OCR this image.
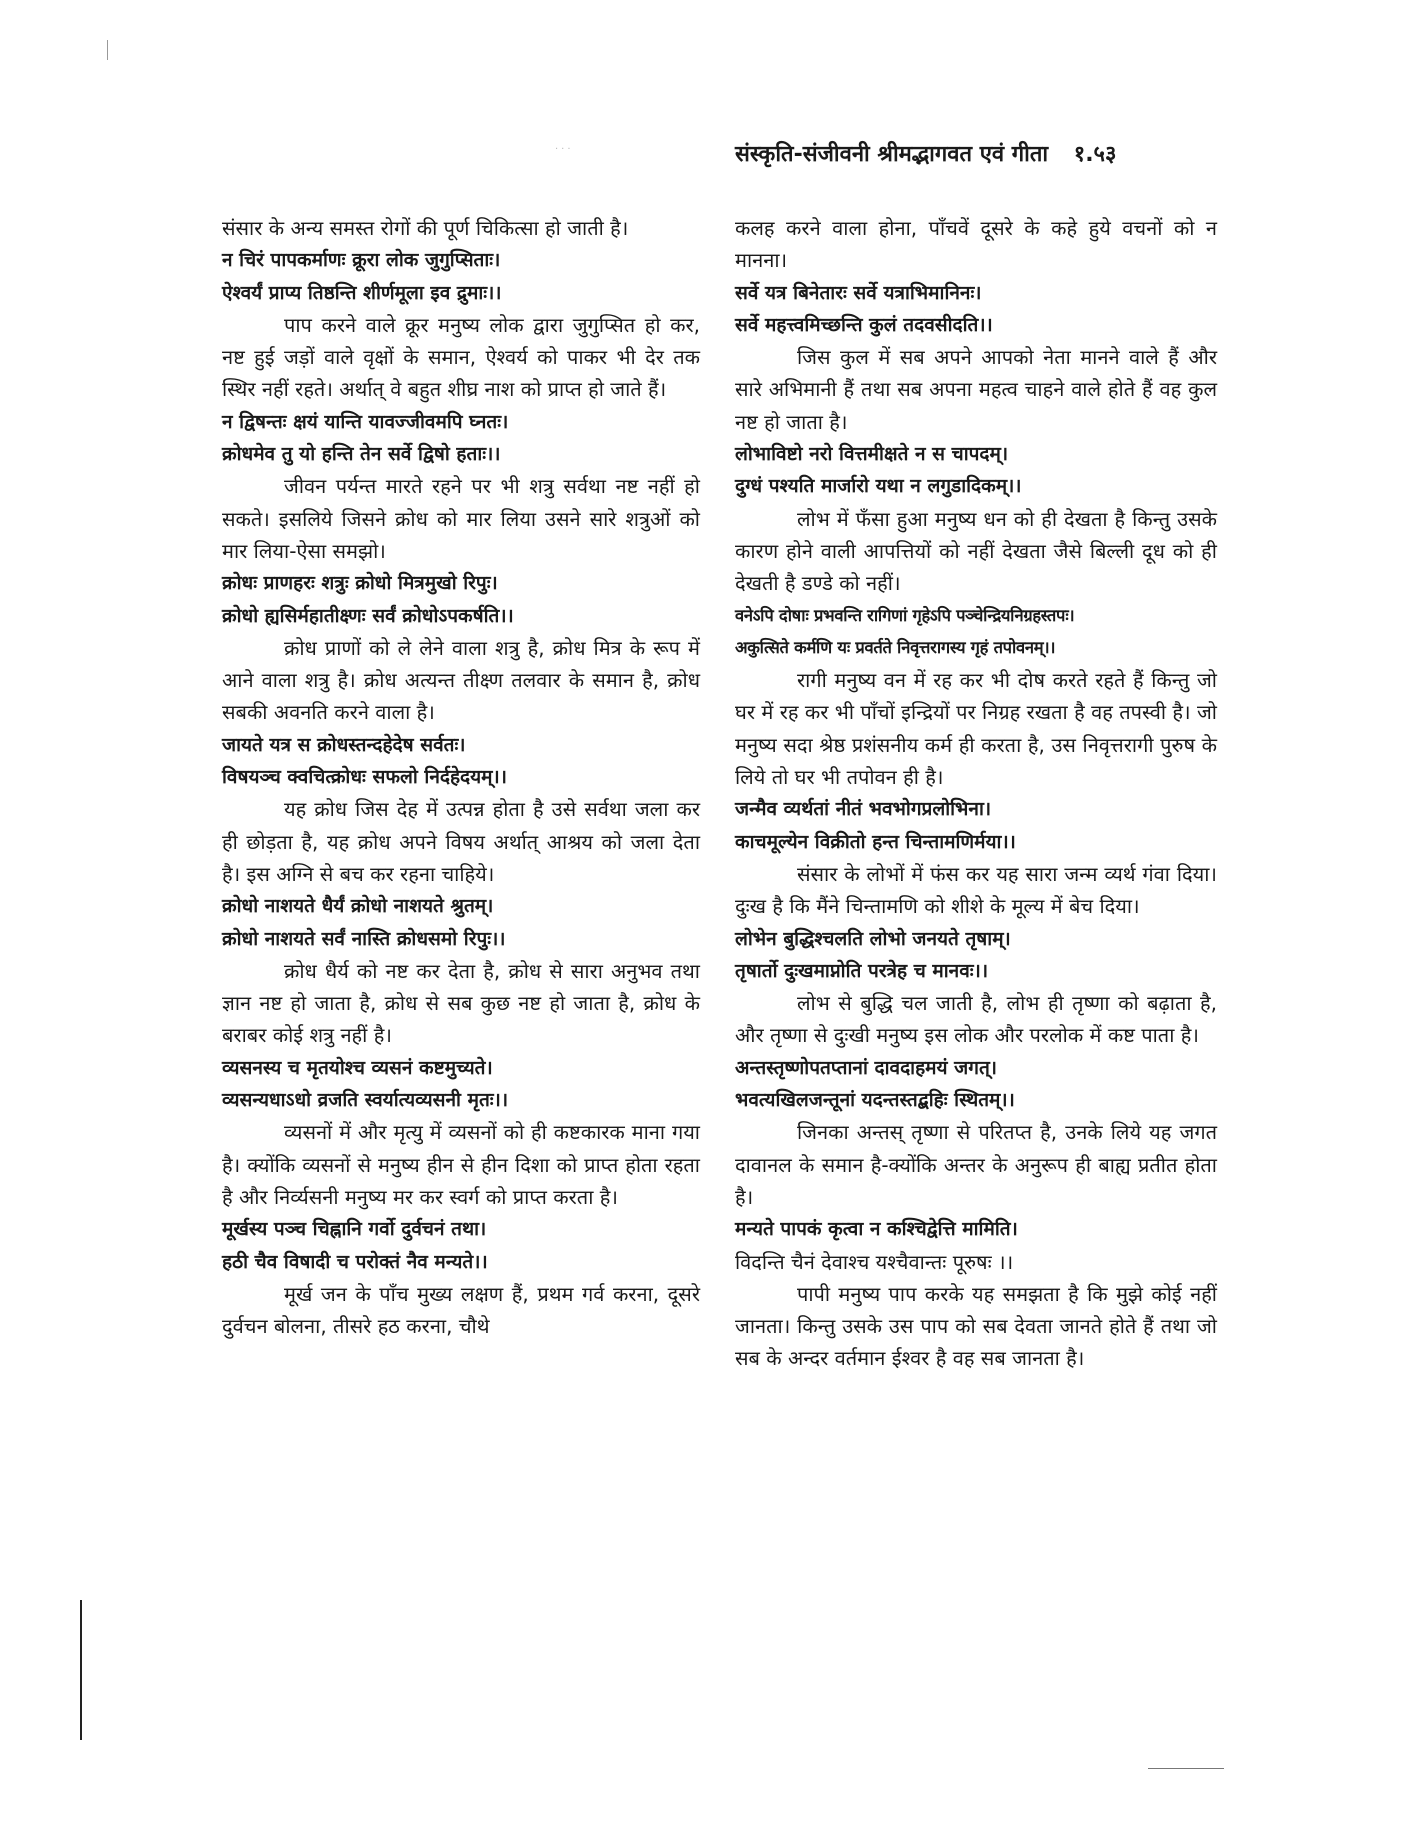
···	संस्कृति-संजीवनी श्रीमद्भागवत एवं गीता १.५३

संसार के अन्य समस्त रोगों की पूर्ण चिकित्सा हो जाती है।

न चिरं पापकर्माणः क्रूरा लोक जुगुप्सिताः।

ऐश्वर्यं प्राप्य तिष्ठन्ति शीर्णमूला इव द्रुमाः।।

पाप करने वाले क्रूर मनुष्य लोक द्वारा जुगुप्सित हो कर, नष्ट हुई जड़ों वाले वृक्षों के समान, ऐश्वर्य को पाकर भी देर तक स्थिर नहीं रहते। अर्थात् वे बहुत शीघ्र नाश को प्राप्त हो जाते हैं।

न द्विषन्तः क्षयं यान्ति यावज्जीवमपि घ्नतः।

क्रोधमेव तु यो हन्ति तेन सर्वे द्विषो हताः।।

जीवन पर्यन्त मारते रहने पर भी शत्रु सर्वथा नष्ट नहीं हो सकते। इसलिये जिसने क्रोध को मार लिया उसने सारे शत्रुओं को मार लिया-ऐसा समझो।

क्रोधः प्राणहरः शत्रुः क्रोधो मित्रमुखो रिपुः।

क्रोधो ह्यसिर्महातीक्ष्णः सर्वं क्रोधोऽपकर्षति।।

क्रोध प्राणों को ले लेने वाला शत्रु है, क्रोध मित्र के रूप में आने वाला शत्रु है। क्रोध अत्यन्त तीक्ष्ण तलवार के समान है, क्रोध सबकी अवनति करने वाला है।

जायते यत्र स क्रोधस्तन्दहेदेष सर्वतः।

विषयञ्च क्वचित्क्रोधः सफलो निर्दहेदयम्।।

यह क्रोध जिस देह में उत्पन्न होता है उसे सर्वथा जला कर ही छोड़ता है, यह क्रोध अपने विषय अर्थात् आश्रय को जला देता है। इस अग्नि से बच कर रहना चाहिये।

क्रोधो नाशयते धैर्यं क्रोधो नाशयते श्रुतम्।

क्रोधो नाशयते सर्वं नास्ति क्रोधसमो रिपुः।।

क्रोध धैर्य को नष्ट कर देता है, क्रोध से सारा अनुभव तथा ज्ञान नष्ट हो जाता है, क्रोध से सब कुछ नष्ट हो जाता है, क्रोध के बराबर कोई शत्रु नहीं है।

व्यसनस्य च मृतयोश्च व्यसनं कष्टमुच्यते।

व्यसन्यधाऽधो व्रजति स्वर्यात्यव्यसनी मृतः।।

व्यसनों में और मृत्यु में व्यसनों को ही कष्टकारक माना गया है। क्योंकि व्यसनों से मनुष्य हीन से हीन दिशा को प्राप्त होता रहता है और निर्व्यसनी मनुष्य मर कर स्वर्ग को प्राप्त करता है।

मूर्खस्य पञ्च चिह्नानि गर्वो दुर्वचनं तथा।

हठी चैव विषादी च परोक्तं नैव मन्यते।।

मूर्ख जन के पाँच मुख्य लक्षण हैं, प्रथम गर्व करना, दूसरे दुर्वचन बोलना, तीसरे हठ करना, चौथे

कलह करने वाला होना, पाँचवें दूसरे के कहे हुये वचनों को न मानना।

सर्वे यत्र बिनेतारः सर्वे यत्राभिमानिनः।

सर्वे महत्त्वमिच्छन्ति कुलं तदवसीदति।।

जिस कुल में सब अपने आपको नेता मानने वाले हैं और सारे अभिमानी हैं तथा सब अपना महत्व चाहने वाले होते हैं वह कुल नष्ट हो जाता है।

लोभाविष्टो नरो वित्तमीक्षते न स चापदम्।

दुग्धं पश्यति मार्जारो यथा न लगुडादिकम्।।

लोभ में फँसा हुआ मनुष्य धन को ही देखता है किन्तु उसके कारण होने वाली आपत्तियों को नहीं देखता जैसे बिल्ली दूध को ही देखती है डण्डे को नहीं।

वनेऽपि दोषाः प्रभवन्ति रागिणां गृहेऽपि पञ्चेन्द्रियनिग्रहस्तपः।

अकुत्सिते कर्मणि यः प्रवर्तते निवृत्तरागस्य गृहं तपोवनम्।।

रागी मनुष्य वन में रह कर भी दोष करते रहते हैं किन्तु जो घर में रह कर भी पाँचों इन्द्रियों पर निग्रह रखता है वह तपस्वी है। जो मनुष्य सदा श्रेष्ठ प्रशंसनीय कर्म ही करता है, उस निवृत्तरागी पुरुष के लिये तो घर भी तपोवन ही है।

जन्मैव व्यर्थतां नीतं भवभोगप्रलोभिना।

काचमूल्येन विक्रीतो हन्त चिन्तामणिर्मया।।

संसार के लोभों में फंस कर यह सारा जन्म व्यर्थ गंवा दिया। दुःख है कि मैंने चिन्तामणि को शीशे के मूल्य में बेच दिया।

लोभेन बुद्धिश्चलति लोभो जनयते तृषाम्।

तृषार्तो दुःखमाप्नोति परत्रेह च मानवः।।

लोभ से बुद्धि चल जाती है, लोभ ही तृष्णा को बढ़ाता है, और तृष्णा से दुःखी मनुष्य इस लोक और परलोक में कष्ट पाता है।

अन्तस्तृष्णोपतप्तानां दावदाहमयं जगत्।

भवत्यखिलजन्तूनां यदन्तस्तद्बहिः स्थितम्।।

जिनका अन्तस् तृष्णा से परितप्त है, उनके लिये यह जगत दावानल के समान है-क्योंकि अन्तर के अनुरूप ही बाह्य प्रतीत होता है।

मन्यते पापकं कृत्वा न कश्चिद्वेत्ति मामिति।

विदन्ति चैनं देवाश्च यश्चैवान्तः पूरुषः ।।

पापी मनुष्य पाप करके यह समझता है कि मुझे कोई नहीं जानता। किन्तु उसके उस पाप को सब देवता जानते होते हैं तथा जो सब के अन्दर वर्तमान ईश्वर है वह सब जानता है।
